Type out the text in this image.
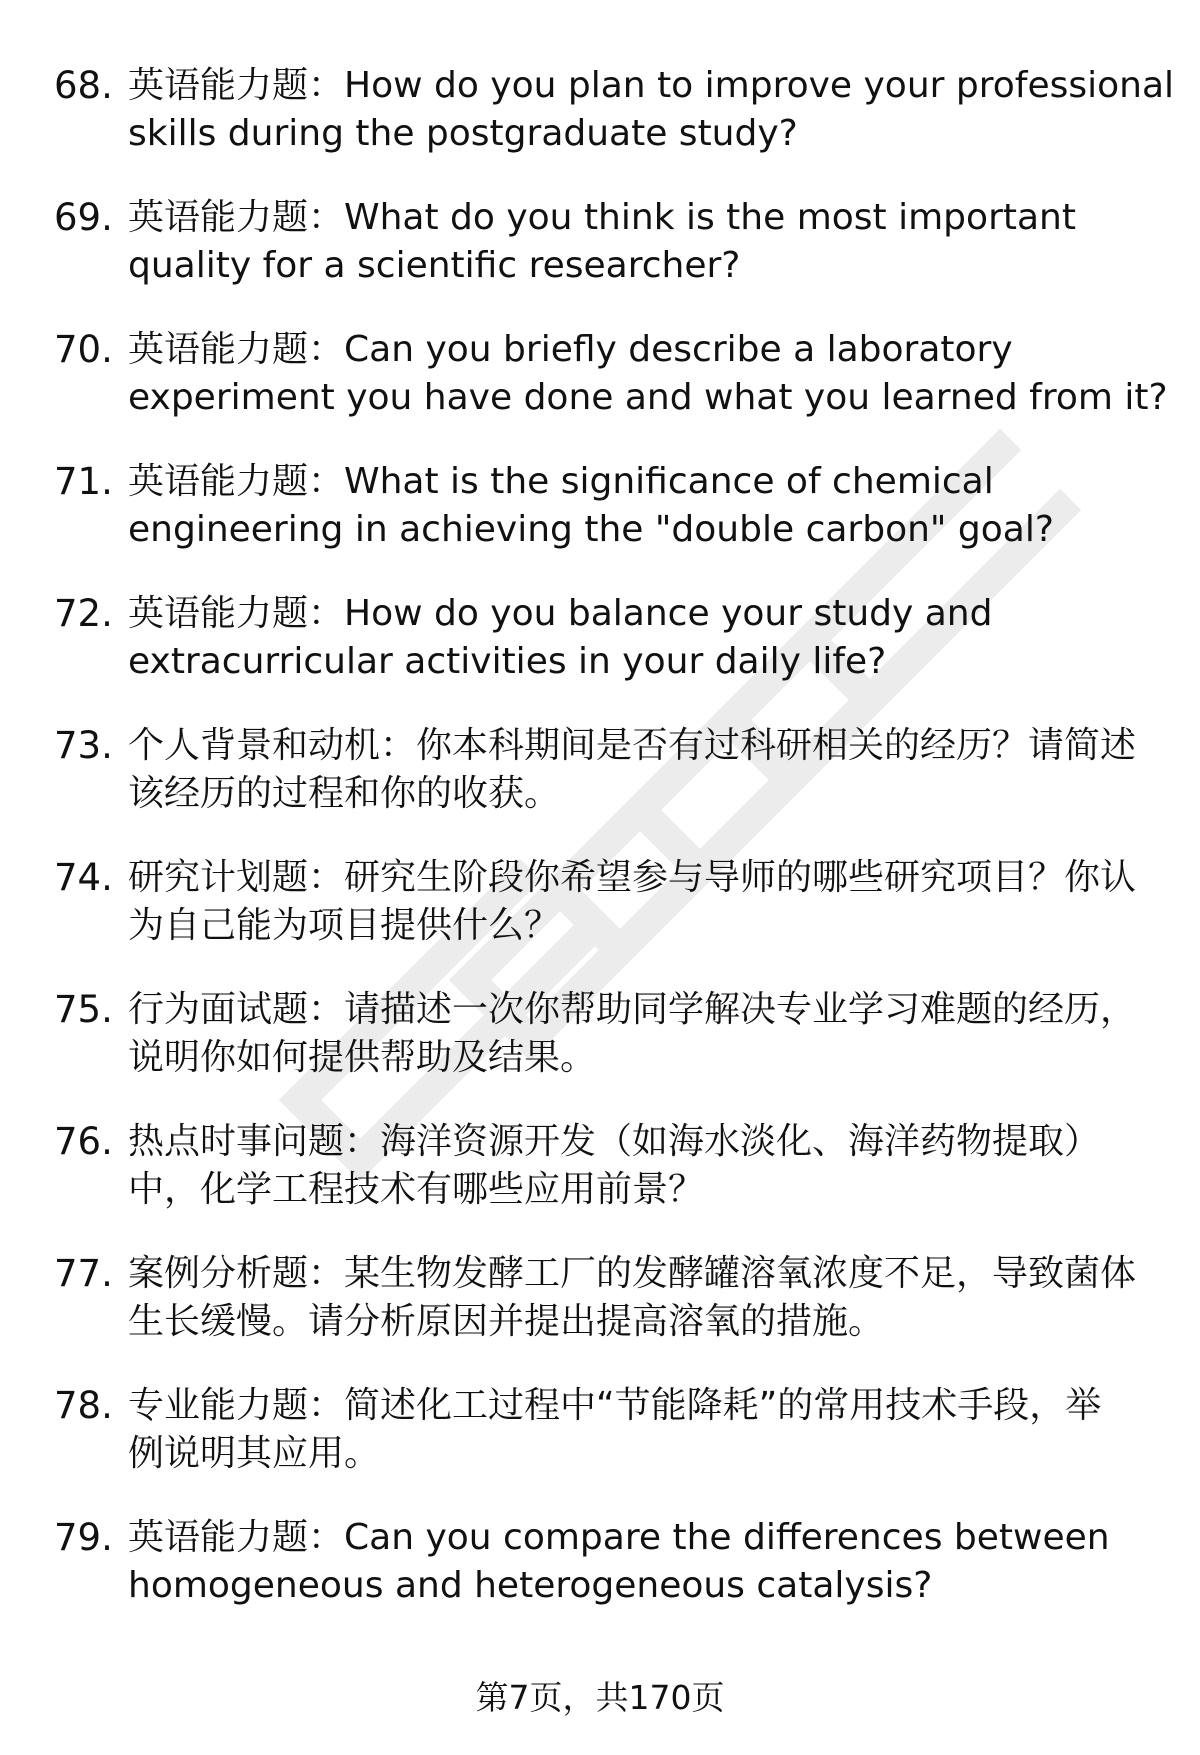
68. 英语能力题：How do you plan to improve your professional
skills during the postgraduate study?
69. 英语能力题：What do you think is the most important
quality for a scientific researcher?
70. 英语能力题：Can you briefly describe a laboratory
experiment you have done and what you learned from it?
71. 英语能力题：What is the significance of chemical
engineering in achieving the "double carbon" goal?
72. 英语能力题：How do you balance your study and
extracurricular activities in your daily life?
73. 个人背景和动机：你本科期间是否有过科研相关的经历？请简述
该经历的过程和你的收获。
74. 研究计划题：研究生阶段你希望参与导师的哪些研究项目？你认
为自己能为项目提供什么？
75. 行为面试题：请描述一次你帮助同学解决专业学习难题的经历，
说明你如何提供帮助及结果。
76. 热点时事问题：海洋资源开发（如海水淡化、海洋药物提取）
中，化学工程技术有哪些应用前景？
77. 案例分析题：某生物发酵工厂的发酵罐溶氧浓度不足，导致菌体
生长缓慢。请分析原因并提出提高溶氧的措施。
78. 专业能力题：简述化工过程中“节能降耗”的常用技术手段，举
例说明其应用。
79. 英语能力题：Can you compare the differences between
homogeneous and heterogeneous catalysis?
第7页，共170页
